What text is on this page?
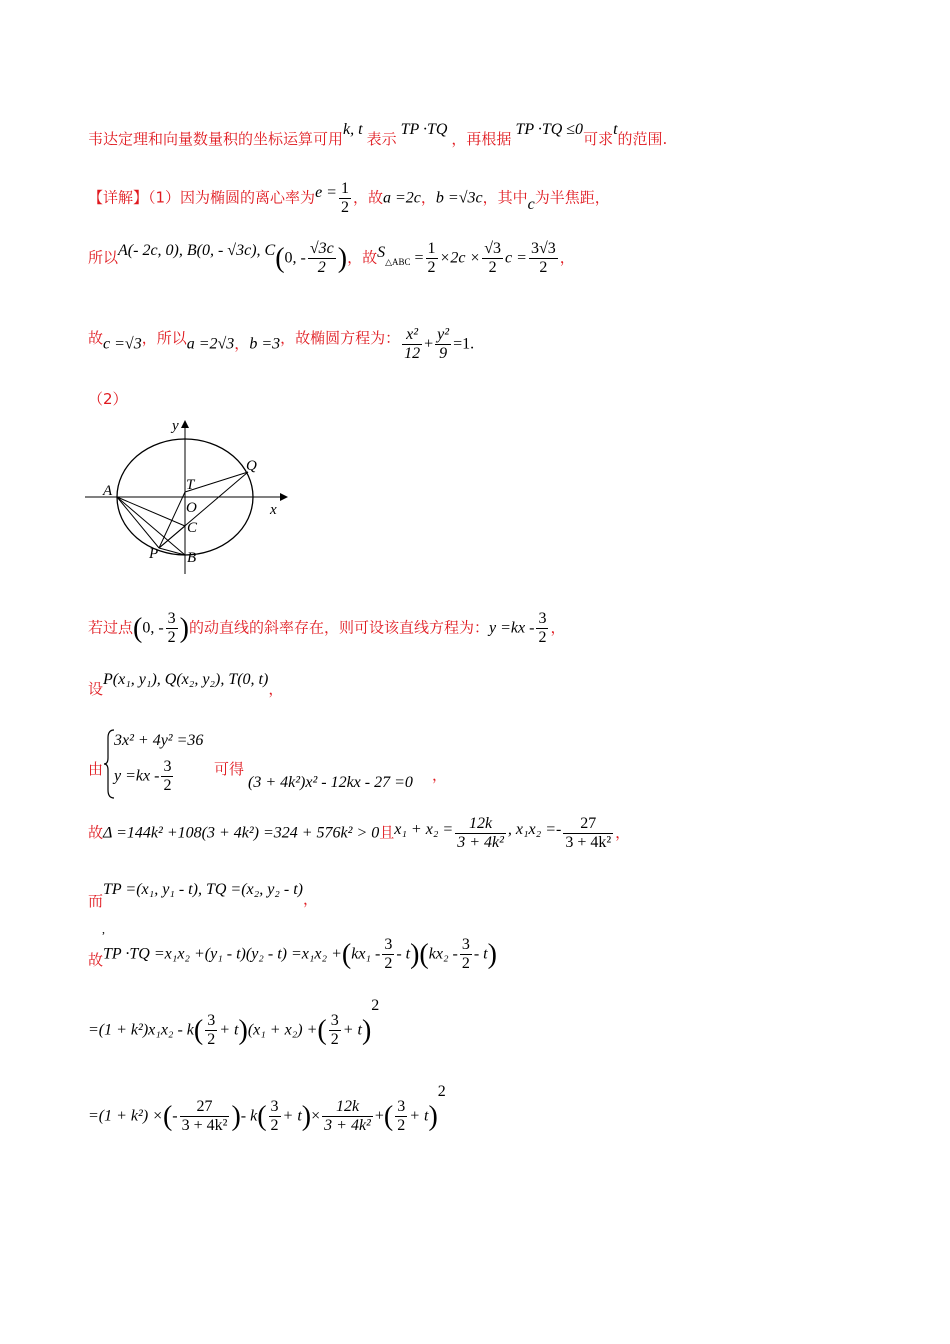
韦达定理和向量数量积的坐标运算可用k, t 表示 TP ·TQ ，再根据 TP ·TQ ≤0可求t的范围.
【详解】（1）因为椭圆的离心率为$e = \frac{1}{2}$ ，故a =2c，b =√3c，其中c为半焦距，
所以A(- 2c, 0), B(0, - √3c), C(0, - $\frac{√3c}{2}$ )，故$S_{\triangle ABC} = \frac{1}{2} \times 2c \times \frac{√3}{2}$ $c = \frac{3√3}{2}$ ，
故c =√3，所以a =2√3，b =3，故椭圆方程为： $\frac{\text{x²}}{12} + \frac{\text{y²}}{9} =1$.
（2）
y
x
A
Q
T
O
C
P B
若过点(0, - $\frac{3}{2}$ )的动直线的斜率存在，则可设该直线方程为：$y =kx - \frac{3}{2}$ ，
设P(x₁, y₁), Q(x₂, y₂), T(0, t)，
由
3x² + 4y² =36
$y =kx - \frac{3}{2}$	可得
(3 + 4k²)x² - 12kx - 27 =0 ，
故Δ =144k² +108(3 + 4k²) =324 + 576k² > 0且$x_1 + x_2 = \frac{12k}{\text{3 + 4k²}}$ , $x_1x_2 =- \frac{27}{\text{3 + 4k²}}$ ，
而TP =(x₁, y₁ - t), TQ =(x₂, y₂ - t)，
,
故TP $\cdot TQ =x_1x_2 +(y_1 - t)(y_2 - t) =x_1x_2 +(kx_1 - \frac{3}{2} - t)(kx_2 - \frac{3}{2} - t)$
$=(1 + k^2)x_1x_2 - k( \frac{3}{2} + t)(x_1 + x_2)$ +( $\frac{3}{2} + t)^2$
=(1 + k²) ×(- $\frac{27}{\text{3 + 4k²}}$ )- $k( \frac{3}{2} + t)\times \frac{12k}{\text{3 + 4k²}}$ +( $\frac{3}{2} + t)^2$
